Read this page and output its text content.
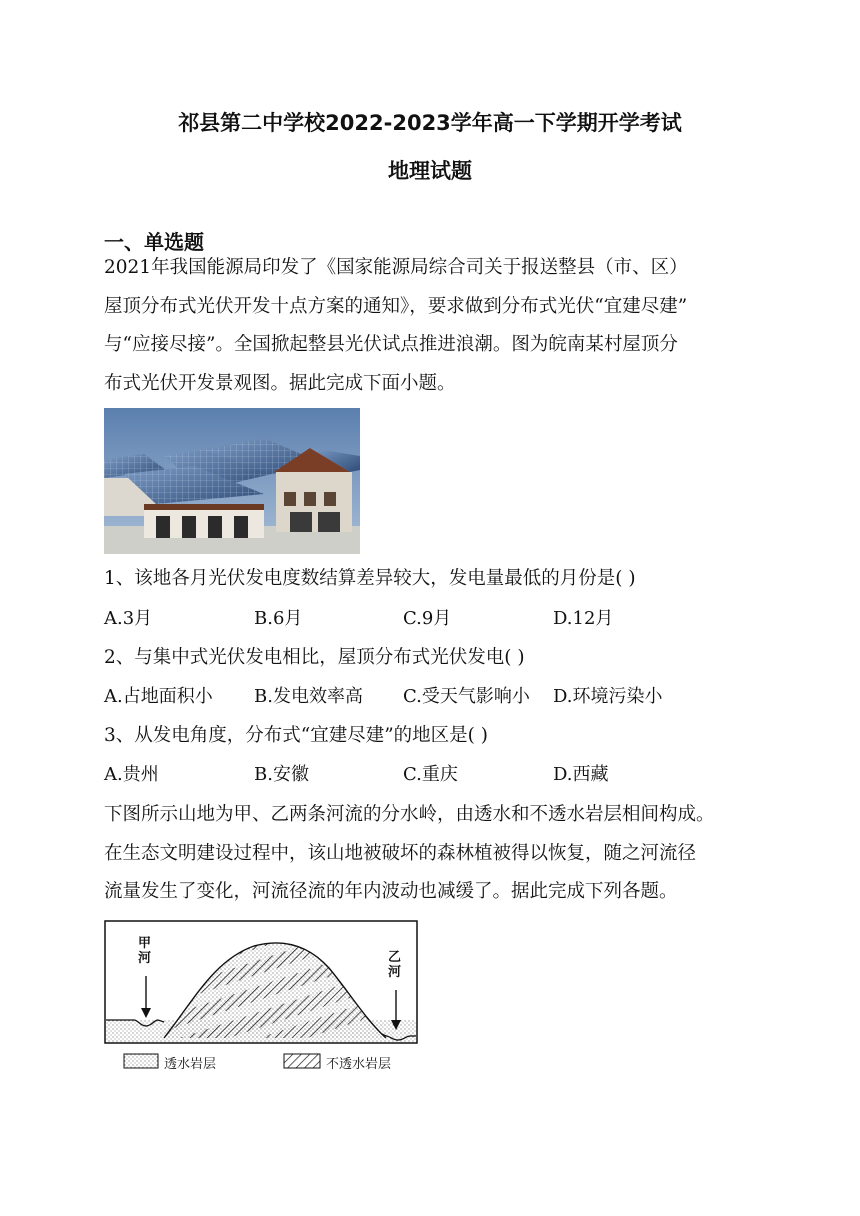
祁县第二中学校2022-2023学年高一下学期开学考试
地理试题
一、单选题
2021年我国能源局印发了《国家能源局综合司关于报送整县（市、区）
屋顶分布式光伏开发十点方案的通知》，要求做到分布式光伏“宜建尽建”
与“应接尽接”。全国掀起整县光伏试点推进浪潮。图为皖南某村屋顶分
布式光伏开发景观图。据此完成下面小题。
1、该地各月光伏发电度数结算差异较大，发电量最低的月份是( )
A.3月	B.6月	C.9月	D.12月
2、与集中式光伏发电相比，屋顶分布式光伏发电( )
A.占地面积小 B.发电效率高 C.受天气影响小 D.环境污染小
3、从发电角度，分布式“宜建尽建”的地区是( )
A.贵州	B.安徽	C.重庆	D.西藏
下图所示山地为甲、乙两条河流的分水岭，由透水和不透水岩层相间构成。
在生态文明建设过程中，该山地被破坏的森林植被得以恢复，随之河流径
流量发生了变化，河流径流的年内波动也减缓了。据此完成下列各题。
甲河	乙河
透水岩层	不透水岩层
